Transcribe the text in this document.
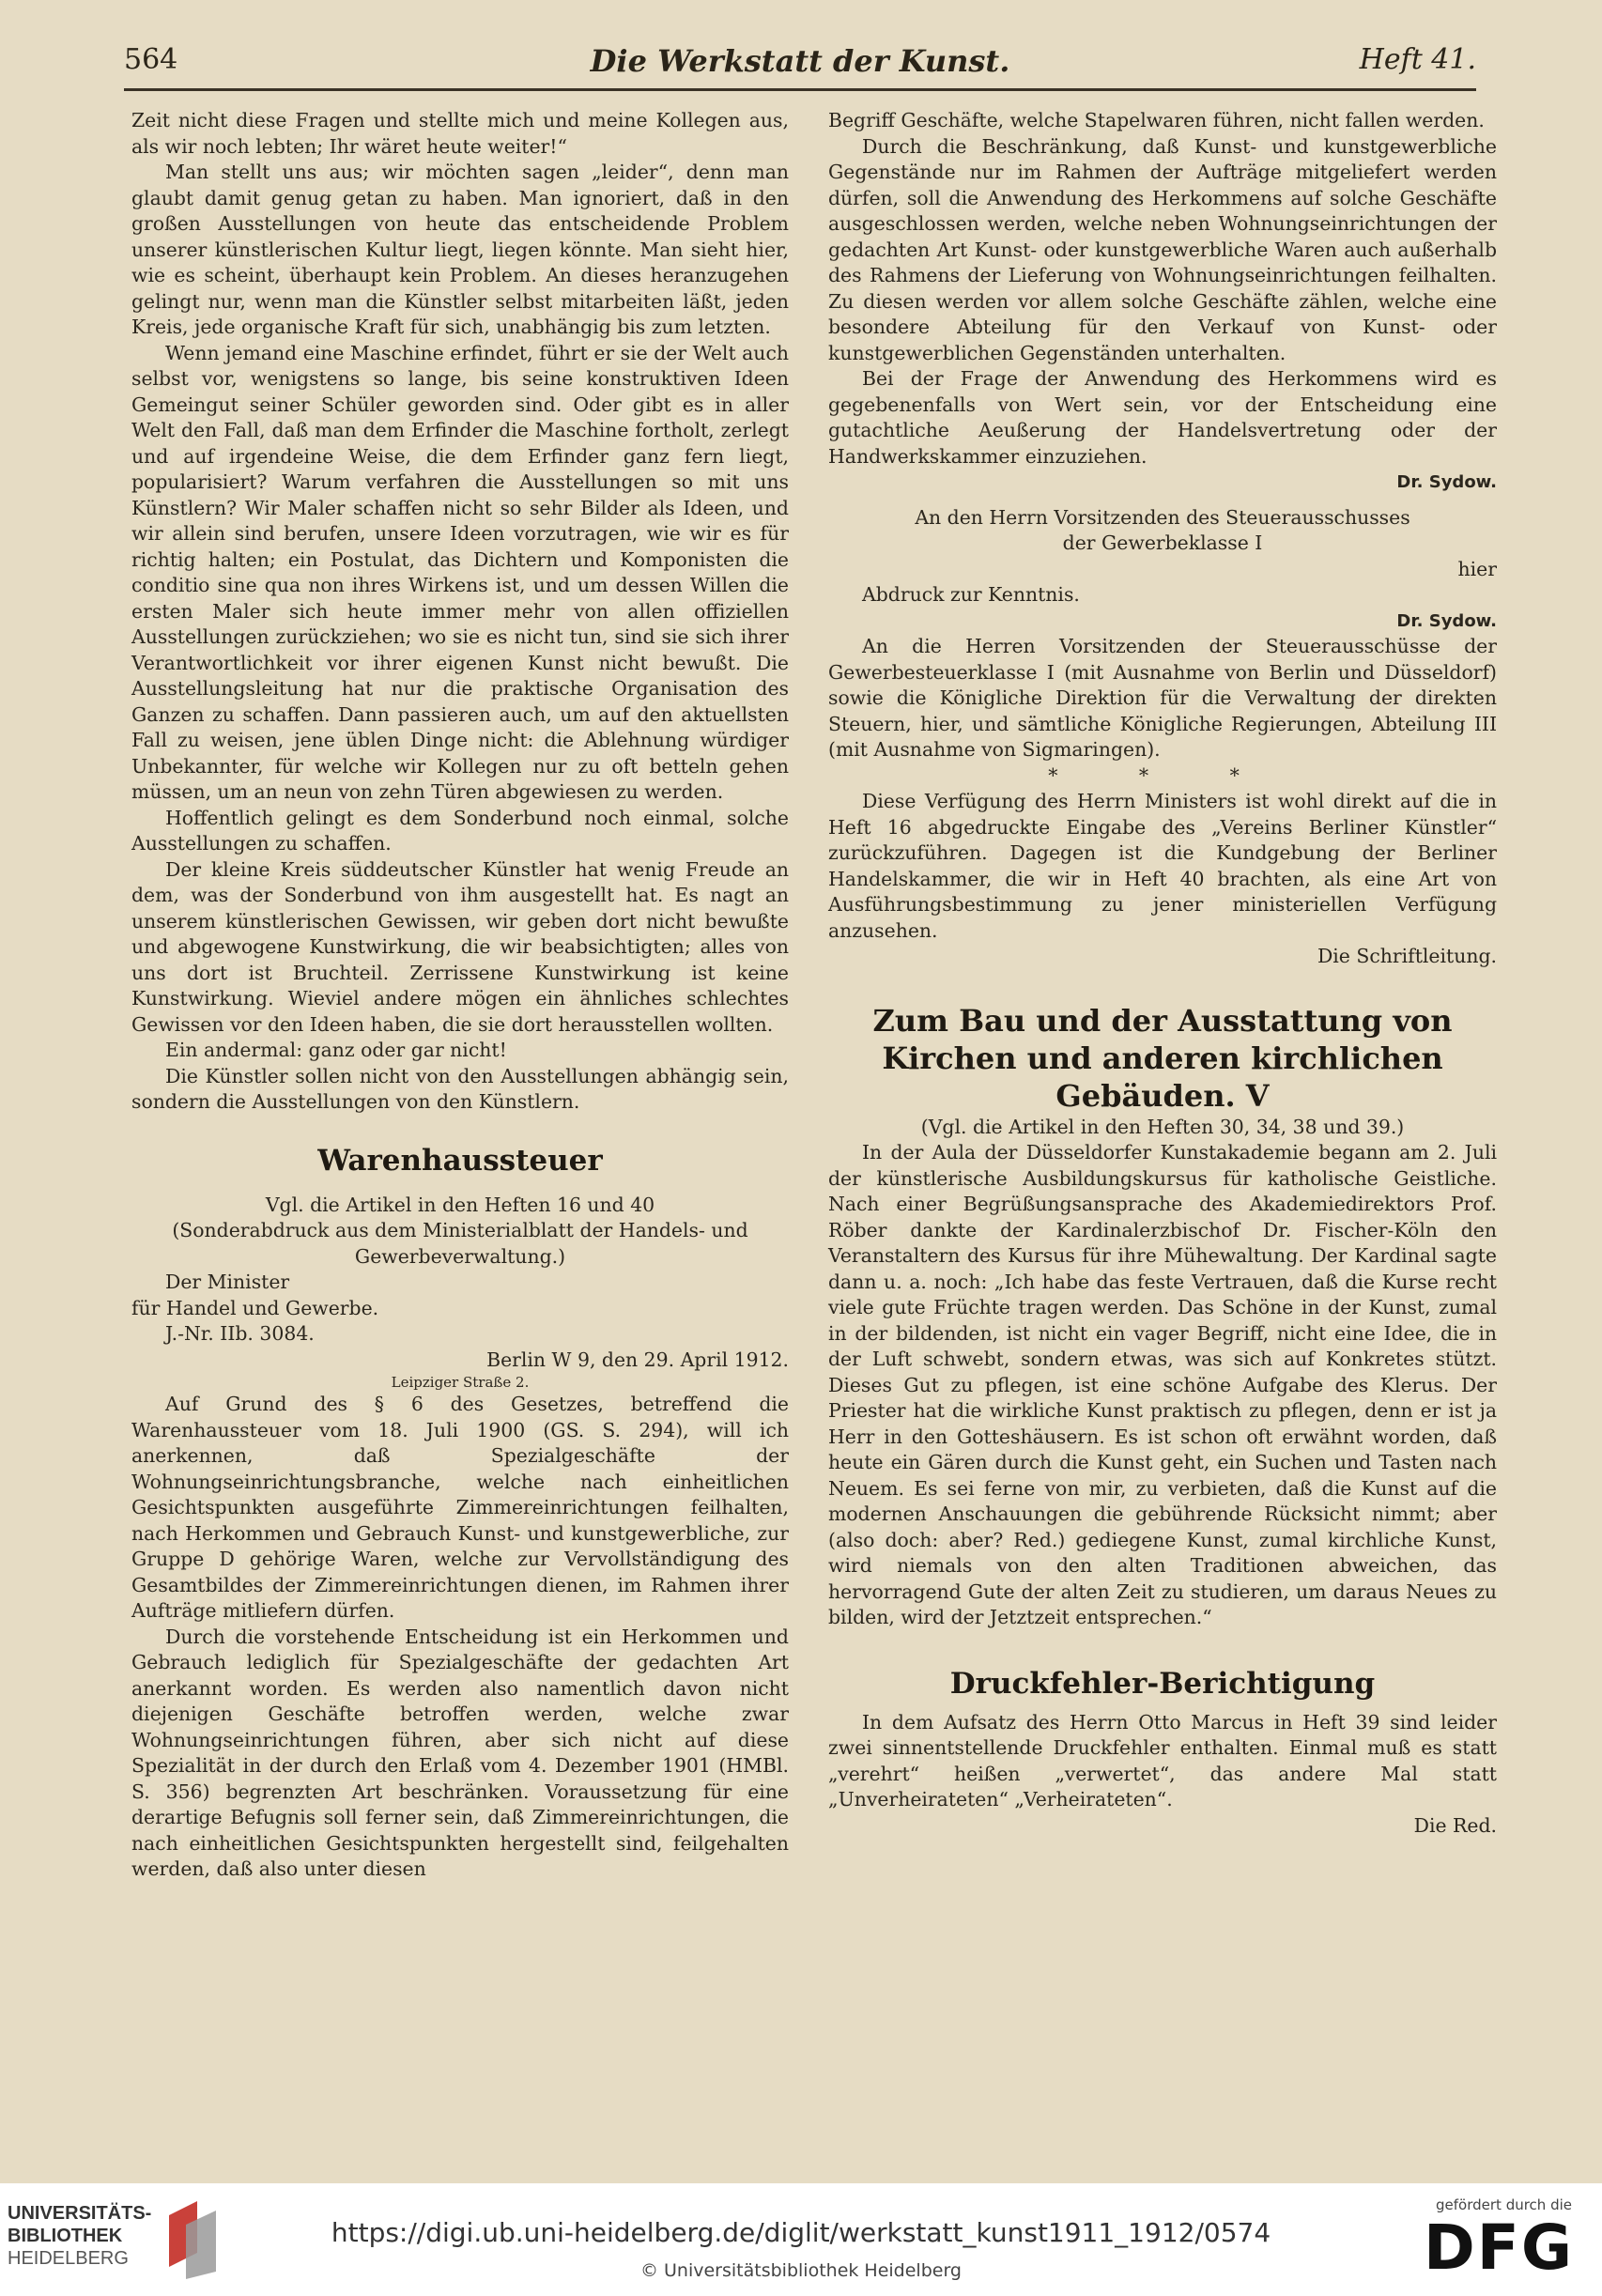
564	Die Werkstatt der Kunst.	Heft 41.

Zeit nicht diese Fragen und stellte mich und meine Kollegen aus, als wir noch lebten; Ihr wäret heute weiter!“

Man stellt uns aus; wir möchten sagen „leider“, denn man glaubt damit genug getan zu haben. Man ignoriert, daß in den großen Ausstellungen von heute das entscheidende Problem unserer künstlerischen Kultur liegt, liegen könnte. Man sieht hier, wie es scheint, überhaupt kein Problem. An dieses heranzugehen gelingt nur, wenn man die Künstler selbst mitarbeiten läßt, jeden Kreis, jede organische Kraft für sich, unabhängig bis zum letzten.

Wenn jemand eine Maschine erfindet, führt er sie der Welt auch selbst vor, wenigstens so lange, bis seine konstruktiven Ideen Gemeingut seiner Schüler geworden sind. Oder gibt es in aller Welt den Fall, daß man dem Erfinder die Maschine fortholt, zerlegt und auf irgendeine Weise, die dem Erfinder ganz fern liegt, popularisiert? Warum verfahren die Ausstellungen so mit uns Künstlern? Wir Maler schaffen nicht so sehr Bilder als Ideen, und wir allein sind berufen, unsere Ideen vorzutragen, wie wir es für richtig halten; ein Postulat, das Dichtern und Komponisten die conditio sine qua non ihres Wirkens ist, und um dessen Willen die ersten Maler sich heute immer mehr von allen offiziellen Ausstellungen zurückziehen; wo sie es nicht tun, sind sie sich ihrer Verantwortlichkeit vor ihrer eigenen Kunst nicht bewußt. Die Ausstellungsleitung hat nur die praktische Organisation des Ganzen zu schaffen. Dann passieren auch, um auf den aktuellsten Fall zu weisen, jene üblen Dinge nicht: die Ablehnung würdiger Unbekannter, für welche wir Kollegen nur zu oft betteln gehen müssen, um an neun von zehn Türen abgewiesen zu werden.

Hoffentlich gelingt es dem Sonderbund noch einmal, solche Ausstellungen zu schaffen.

Der kleine Kreis süddeutscher Künstler hat wenig Freude an dem, was der Sonderbund von ihm ausgestellt hat. Es nagt an unserem künstlerischen Gewissen, wir geben dort nicht bewußte und abgewogene Kunstwirkung, die wir beabsichtigten; alles von uns dort ist Bruchteil. Zerrissene Kunstwirkung ist keine Kunstwirkung. Wieviel andere mögen ein ähnliches schlechtes Gewissen vor den Ideen haben, die sie dort herausstellen wollten.

Ein andermal: ganz oder gar nicht!

Die Künstler sollen nicht von den Ausstellungen abhängig sein, sondern die Ausstellungen von den Künstlern.

Warenhaussteuer

Vgl. die Artikel in den Heften 16 und 40

(Sonderabdruck aus dem Ministerialblatt der Handels- und Gewerbeverwaltung.)

Der Minister

für Handel und Gewerbe.

J.-Nr. IIb. 3084.

Berlin W 9, den 29. April 1912.

Leipziger Straße 2.

Auf Grund des § 6 des Gesetzes, betreffend die Warenhaussteuer vom 18. Juli 1900 (GS. S. 294), will ich anerkennen, daß Spezialgeschäfte der Wohnungseinrichtungsbranche, welche nach einheitlichen Gesichtspunkten ausgeführte Zimmereinrichtungen feilhalten, nach Herkommen und Gebrauch Kunst- und kunstgewerbliche, zur Gruppe D gehörige Waren, welche zur Vervollständigung des Gesamtbildes der Zimmereinrichtungen dienen, im Rahmen ihrer Aufträge mitliefern dürfen.

Durch die vorstehende Entscheidung ist ein Herkommen und Gebrauch lediglich für Spezialgeschäfte der gedachten Art anerkannt worden. Es werden also namentlich davon nicht diejenigen Geschäfte betroffen werden, welche zwar Wohnungseinrichtungen führen, aber sich nicht auf diese Spezialität in der durch den Erlaß vom 4. Dezember 1901 (HMBl. S. 356) begrenzten Art beschränken. Voraussetzung für eine derartige Befugnis soll ferner sein, daß Zimmereinrichtungen, die nach einheitlichen Gesichtspunkten hergestellt sind, feilgehalten werden, daß also unter diesen

Begriff Geschäfte, welche Stapelwaren führen, nicht fallen werden.

Durch die Beschränkung, daß Kunst- und kunstgewerbliche Gegenstände nur im Rahmen der Aufträge mitgeliefert werden dürfen, soll die Anwendung des Herkommens auf solche Geschäfte ausgeschlossen werden, welche neben Wohnungseinrichtungen der gedachten Art Kunst- oder kunstgewerbliche Waren auch außerhalb des Rahmens der Lieferung von Wohnungseinrichtungen feilhalten. Zu diesen werden vor allem solche Geschäfte zählen, welche eine besondere Abteilung für den Verkauf von Kunst- oder kunstgewerblichen Gegenständen unterhalten.

Bei der Frage der Anwendung des Herkommens wird es gegebenenfalls von Wert sein, vor der Entscheidung eine gutachtliche Aeußerung der Handelsvertretung oder der Handwerkskammer einzuziehen.

Dr. Sydow.

An den Herrn Vorsitzenden des Steuerausschusses

der Gewerbeklasse I

hier

Abdruck zur Kenntnis.

Dr. Sydow.

An die Herren Vorsitzenden der Steuerausschüsse der Gewerbesteuerklasse I (mit Ausnahme von Berlin und Düsseldorf) sowie die Königliche Direktion für die Verwaltung der direkten Steuern, hier, und sämtliche Königliche Regierungen, Abteilung III (mit Ausnahme von Sigmaringen).

* * *

Diese Verfügung des Herrn Ministers ist wohl direkt auf die in Heft 16 abgedruckte Eingabe des „Vereins Berliner Künstler“ zurückzuführen. Dagegen ist die Kundgebung der Berliner Handelskammer, die wir in Heft 40 brachten, als eine Art von Ausführungsbestimmung zu jener ministeriellen Verfügung anzusehen.

Die Schriftleitung.

Zum Bau und der Ausstattung von Kirchen und anderen kirchlichen Gebäuden. V

(Vgl. die Artikel in den Heften 30, 34, 38 und 39.)

In der Aula der Düsseldorfer Kunstakademie begann am 2. Juli der künstlerische Ausbildungskursus für katholische Geistliche. Nach einer Begrüßungsansprache des Akademiedirektors Prof. Röber dankte der Kardinalerzbischof Dr. Fischer-Köln den Veranstaltern des Kursus für ihre Mühewaltung. Der Kardinal sagte dann u. a. noch: „Ich habe das feste Vertrauen, daß die Kurse recht viele gute Früchte tragen werden. Das Schöne in der Kunst, zumal in der bildenden, ist nicht ein vager Begriff, nicht eine Idee, die in der Luft schwebt, sondern etwas, was sich auf Konkretes stützt. Dieses Gut zu pflegen, ist eine schöne Aufgabe des Klerus. Der Priester hat die wirkliche Kunst praktisch zu pflegen, denn er ist ja Herr in den Gotteshäusern. Es ist schon oft erwähnt worden, daß heute ein Gären durch die Kunst geht, ein Suchen und Tasten nach Neuem. Es sei ferne von mir, zu verbieten, daß die Kunst auf die modernen Anschauungen die gebührende Rücksicht nimmt; aber (also doch: aber? Red.) gediegene Kunst, zumal kirchliche Kunst, wird niemals von den alten Traditionen abweichen, das hervorragend Gute der alten Zeit zu studieren, um daraus Neues zu bilden, wird der Jetztzeit entsprechen.“

Druckfehler-Berichtigung

In dem Aufsatz des Herrn Otto Marcus in Heft 39 sind leider zwei sinnentstellende Druckfehler enthalten. Einmal muß es statt „verehrt“ heißen „verwertet“, das andere Mal statt „Unverheirateten“ „Verheirateten“.

Die Red.

UNIVERSITÄTS-
BIBLIOTHEK
HEIDELBERG
https://digi.ub.uni-heidelberg.de/diglit/werkstatt_kunst1911_1912/0574
© Universitätsbibliothek Heidelberg
gefördert durch die
DFG
